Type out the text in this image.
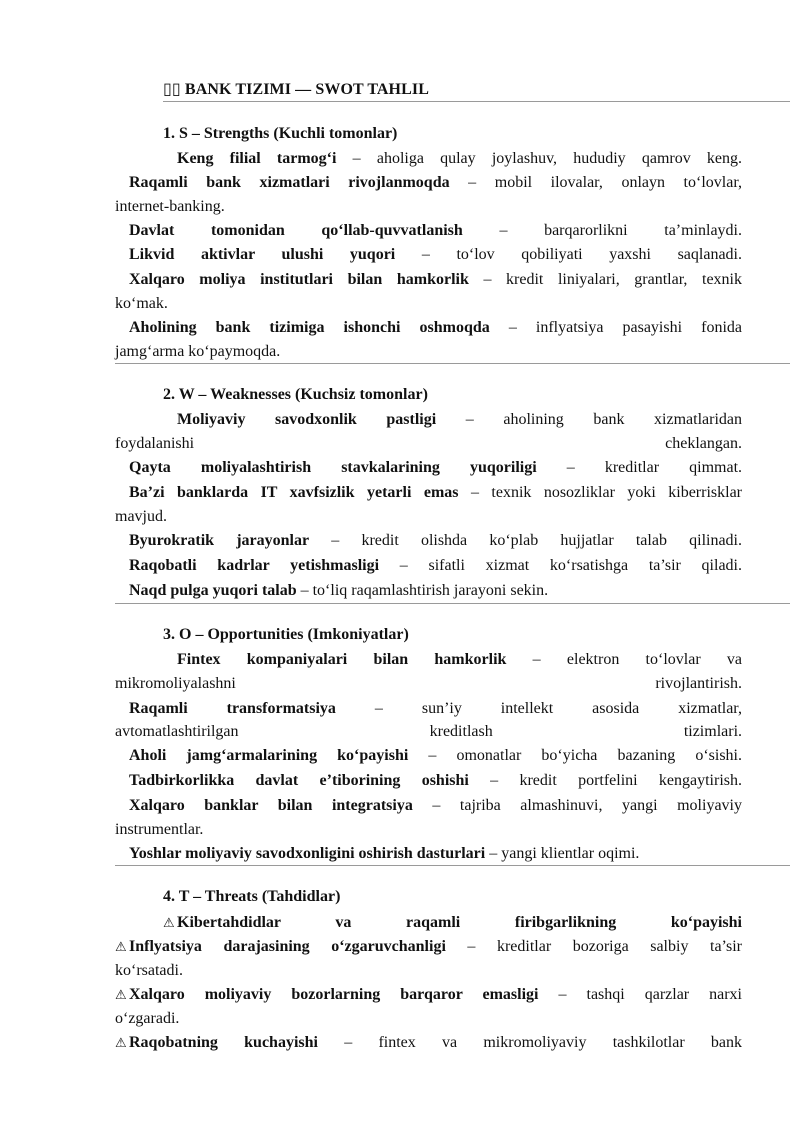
▯▯ BANK TIZIMI — SWOT TAHLIL
1. S – Strengths (Kuchli tomonlar)
Keng filial tarmog‘i – aholiga qulay joylashuv, hududiy qamrov keng.
Raqamli bank xizmatlari rivojlanmoqda – mobil ilovalar, onlayn to‘lovlar,
internet-banking.
Davlat tomonidan qo‘llab-quvvatlanish – barqarorlikni ta’minlaydi.
Likvid aktivlar ulushi yuqori – to‘lov qobiliyati yaxshi saqlanadi.
Xalqaro moliya institutlari bilan hamkorlik – kredit liniyalari, grantlar, texnik
ko‘mak.
Aholining bank tizimiga ishonchi oshmoqda – inflyatsiya pasayishi fonida
jamg‘arma ko‘paymoqda.
2. W – Weaknesses (Kuchsiz tomonlar)
Moliyaviy savodxonlik pastligi – aholining bank xizmatlaridan
foydalanishi	cheklangan.
Qayta moliyalashtirish stavkalarining yuqoriligi – kreditlar qimmat.
Ba’zi banklarda IT xavfsizlik yetarli emas – texnik nosozliklar yoki kiberrisklar
mavjud.
Byurokratik jarayonlar – kredit olishda ko‘plab hujjatlar talab qilinadi.
Raqobatli kadrlar yetishmasligi – sifatli xizmat ko‘rsatishga ta’sir qiladi.
Naqd pulga yuqori talab – to‘liq raqamlashtirish jarayoni sekin.
3. O – Opportunities (Imkoniyatlar)
Fintex kompaniyalari bilan hamkorlik – elektron to‘lovlar va
mikromoliyalashni	rivojlantirish.
Raqamli transformatsiya – sun’iy intellekt asosida xizmatlar,
avtomatlashtirilgan	kreditlash	tizimlari.
Aholi jamg‘armalarining ko‘payishi – omonatlar bo‘yicha bazaning o‘sishi.
Tadbirkorlikka davlat e’tiborining oshishi – kredit portfelini kengaytirish.
Xalqaro banklar bilan integratsiya – tajriba almashinuvi, yangi moliyaviy
instrumentlar.
Yoshlar moliyaviy savodxonligini oshirish dasturlari – yangi klientlar oqimi.
4. T – Threats (Tahdidlar)
⚠ Kibertahdidlar va raqamli firibgarlikning ko‘payishi
⚠ Inflyatsiya darajasining o‘zgaruvchanligi – kreditlar bozoriga salbiy ta’sir
ko‘rsatadi.
⚠ Xalqaro moliyaviy bozorlarning barqaror emasligi – tashqi qarzlar narxi
o‘zgaradi.
⚠ Raqobatning kuchayishi – fintex va mikromoliyaviy tashkilotlar bank
